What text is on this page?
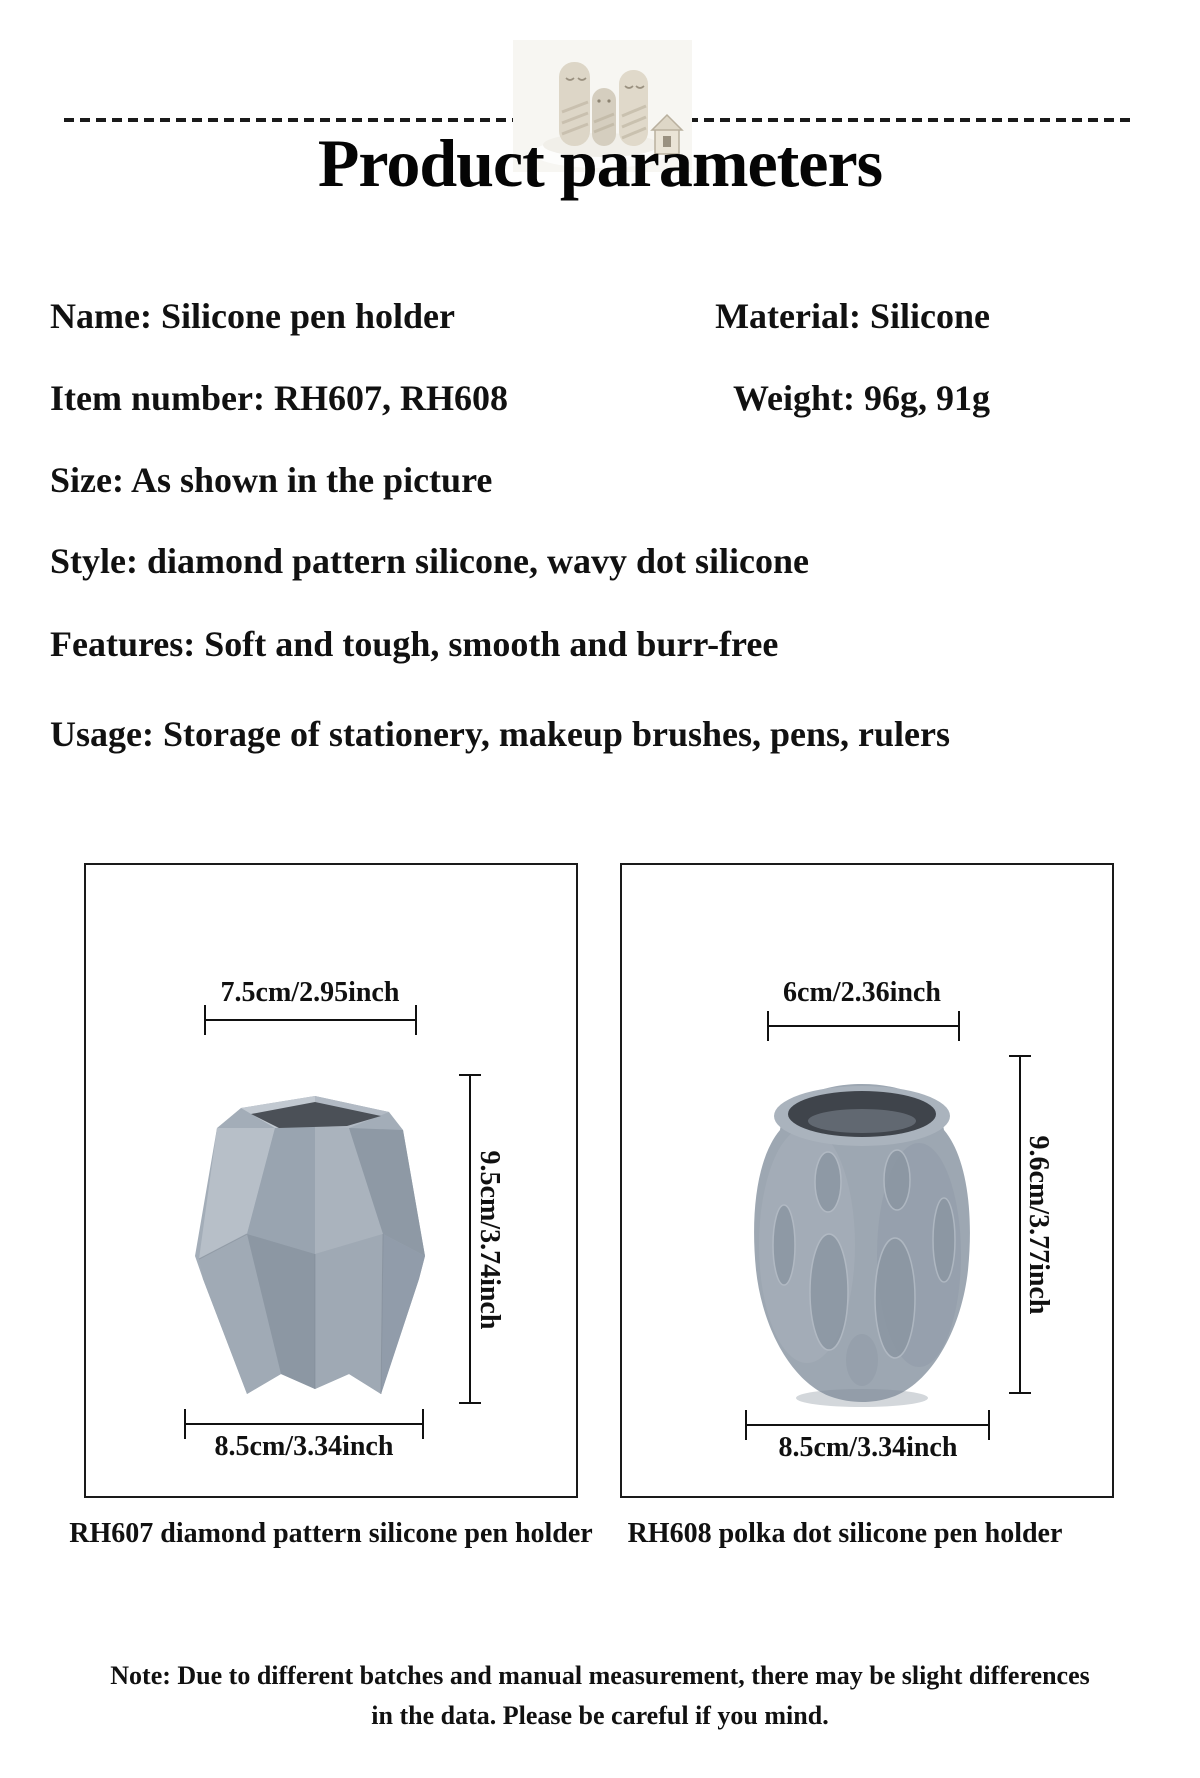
Product parameters
Name: Silicone pen holder	Material: Silicone
Item number: RH607, RH608	Weight: 96g, 91g
Size: As shown in the picture
Style: diamond pattern silicone, wavy dot silicone
Features: Soft and tough, smooth and burr-free
Usage: Storage of stationery, makeup brushes, pens, rulers
7.5cm/2.95inch
9.5cm/3.74inch
8.5cm/3.34inch
6cm/2.36inch
9.6cm/3.77inch
8.5cm/3.34inch
RH607 diamond pattern silicone pen holder	RH608 polka dot silicone pen holder
Note: Due to different batches and manual measurement, there may be slight differences
in the data. Please be careful if you mind.
